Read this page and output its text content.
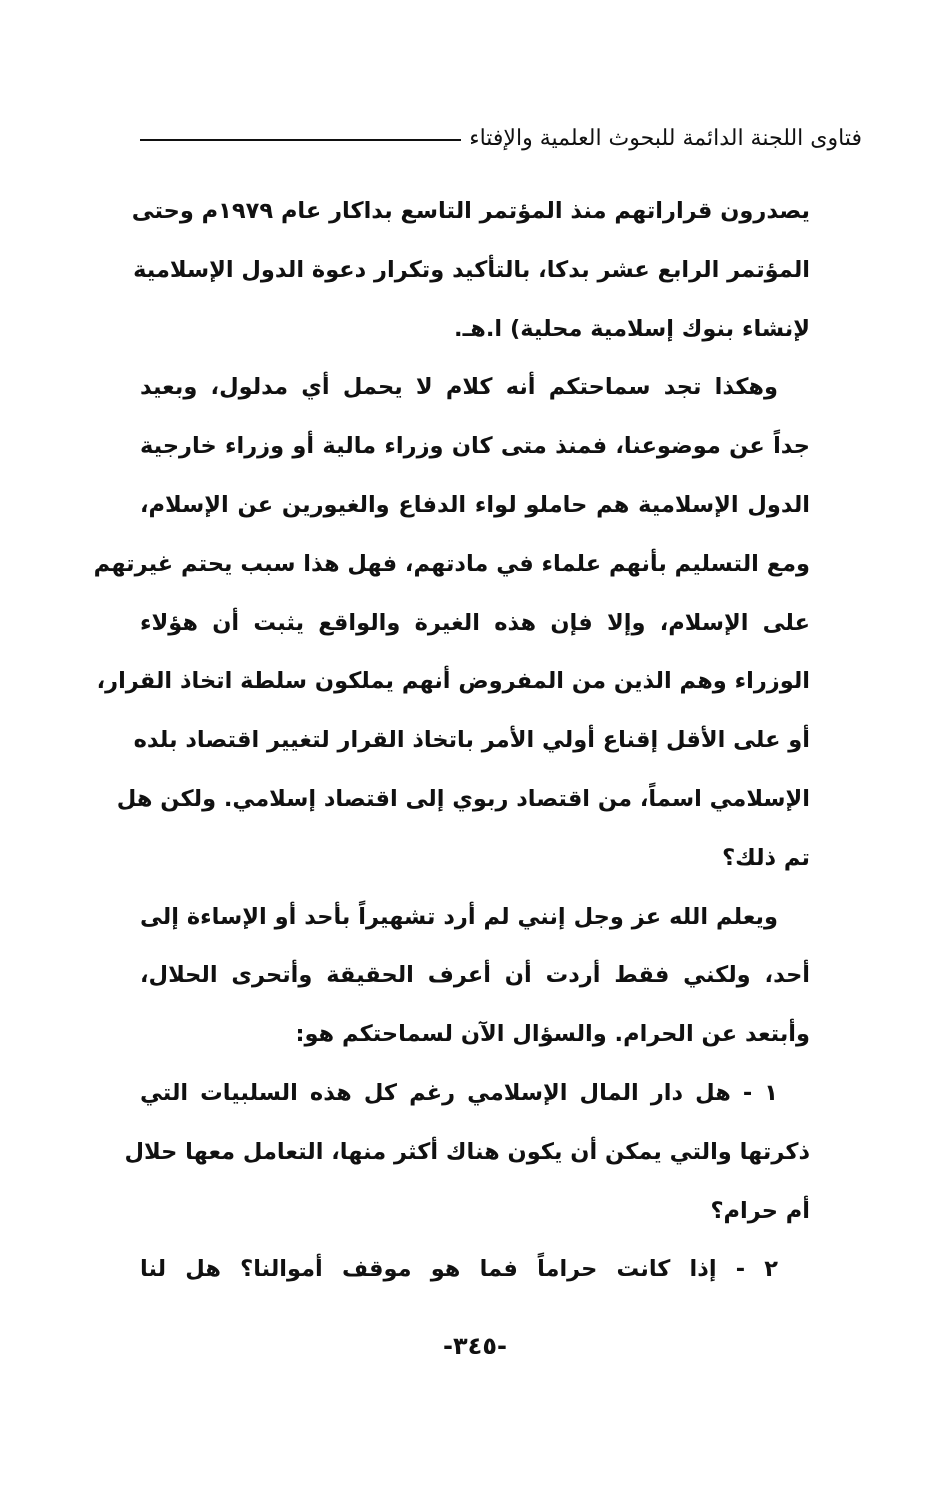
فتاوى اللجنة الدائمة للبحوث العلمية والإفتاء
يصدرون قراراتهم منذ المؤتمر التاسع بداكار عام ١٩٧٩م وحتى
المؤتمر الرابع عشر بدكا، بالتأكيد وتكرار دعوة الدول الإسلامية
لإنشاء بنوك إسلامية محلية) ا.هـ.
وهكذا تجد سماحتكم أنه كلام لا يحمل أي مدلول، وبعيد
جداً عن موضوعنا، فمنذ متى كان وزراء مالية أو وزراء خارجية
الدول الإسلامية هم حاملو لواء الدفاع والغيورين عن الإسلام،
ومع التسليم بأنهم علماء في مادتهم، فهل هذا سبب يحتم غيرتهم
على الإسلام، وإلا فإن هذه الغيرة والواقع يثبت أن هؤلاء
الوزراء وهم الذين من المفروض أنهم يملكون سلطة اتخاذ القرار،
أو على الأقل إقناع أولي الأمر باتخاذ القرار لتغيير اقتصاد بلده
الإسلامي اسماً، من اقتصاد ربوي إلى اقتصاد إسلامي. ولكن هل
تم ذلك؟
ويعلم الله عز وجل إنني لم أرد تشهيراً بأحد أو الإساءة إلى
أحد، ولكني فقط أردت أن أعرف الحقيقة وأتحرى الحلال،
وأبتعد عن الحرام. والسؤال الآن لسماحتكم هو:
١ - هل دار المال الإسلامي رغم كل هذه السلبيات التي
ذكرتها والتي يمكن أن يكون هناك أكثر منها، التعامل معها حلال
أم حرام؟
٢ - إذا كانت حراماً فما هو موقف أموالنا؟ هل لنا
-٣٤٥-
